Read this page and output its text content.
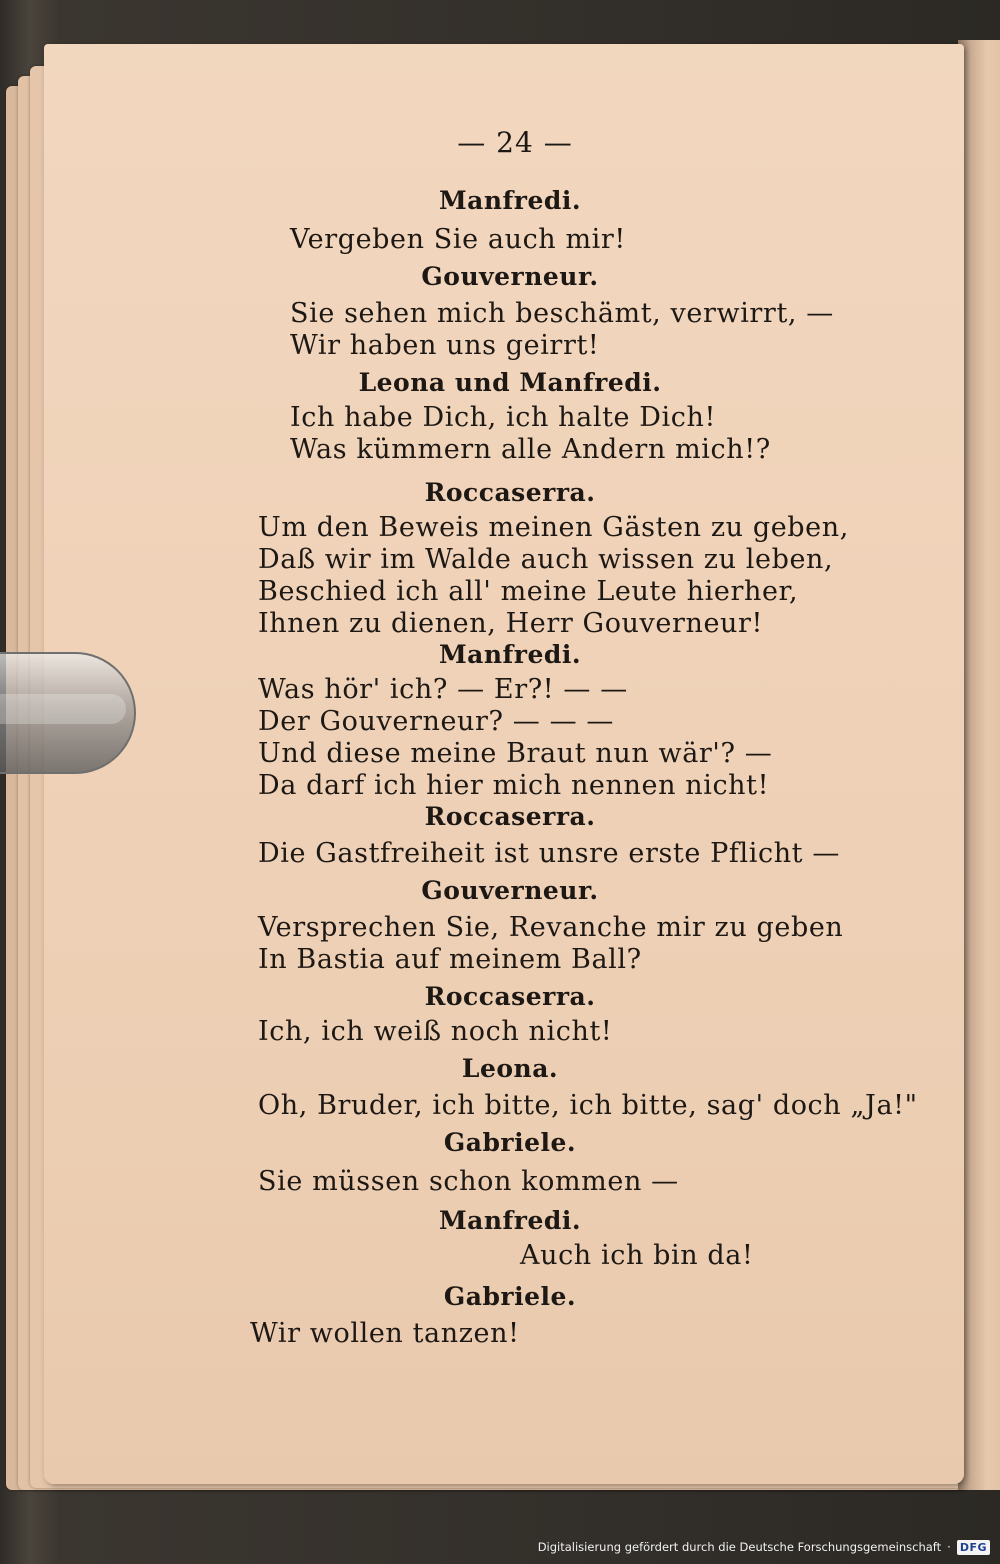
— 24 —
Manfredi.
Vergeben Sie auch mir!
Gouverneur.
Sie sehen mich beschämt, verwirrt, —
Wir haben uns geirrt!
Leona und Manfredi.
Ich habe Dich, ich halte Dich!
Was kümmern alle Andern mich!?
Roccaserra.
Um den Beweis meinen Gästen zu geben,
Daß wir im Walde auch wissen zu leben,
Beschied ich all' meine Leute hierher,
Ihnen zu dienen, Herr Gouverneur!
Manfredi.
Was hör' ich? — Er?! — —
Der Gouverneur? — — —
Und diese meine Braut nun wär'? —
Da darf ich hier mich nennen nicht!
Roccaserra.
Die Gastfreiheit ist unsre erste Pflicht —
Gouverneur.
Versprechen Sie, Revanche mir zu geben
In Bastia auf meinem Ball?
Roccaserra.
Ich, ich weiß noch nicht!
Leona.
Oh, Bruder, ich bitte, ich bitte, sag' doch „Ja!"
Gabriele.
Sie müssen schon kommen —
Manfredi.
Auch ich bin da!
Gabriele.
Wir wollen tanzen!
Digitalisierung gefördert durch die Deutsche Forschungsgemeinschaft · DFG
